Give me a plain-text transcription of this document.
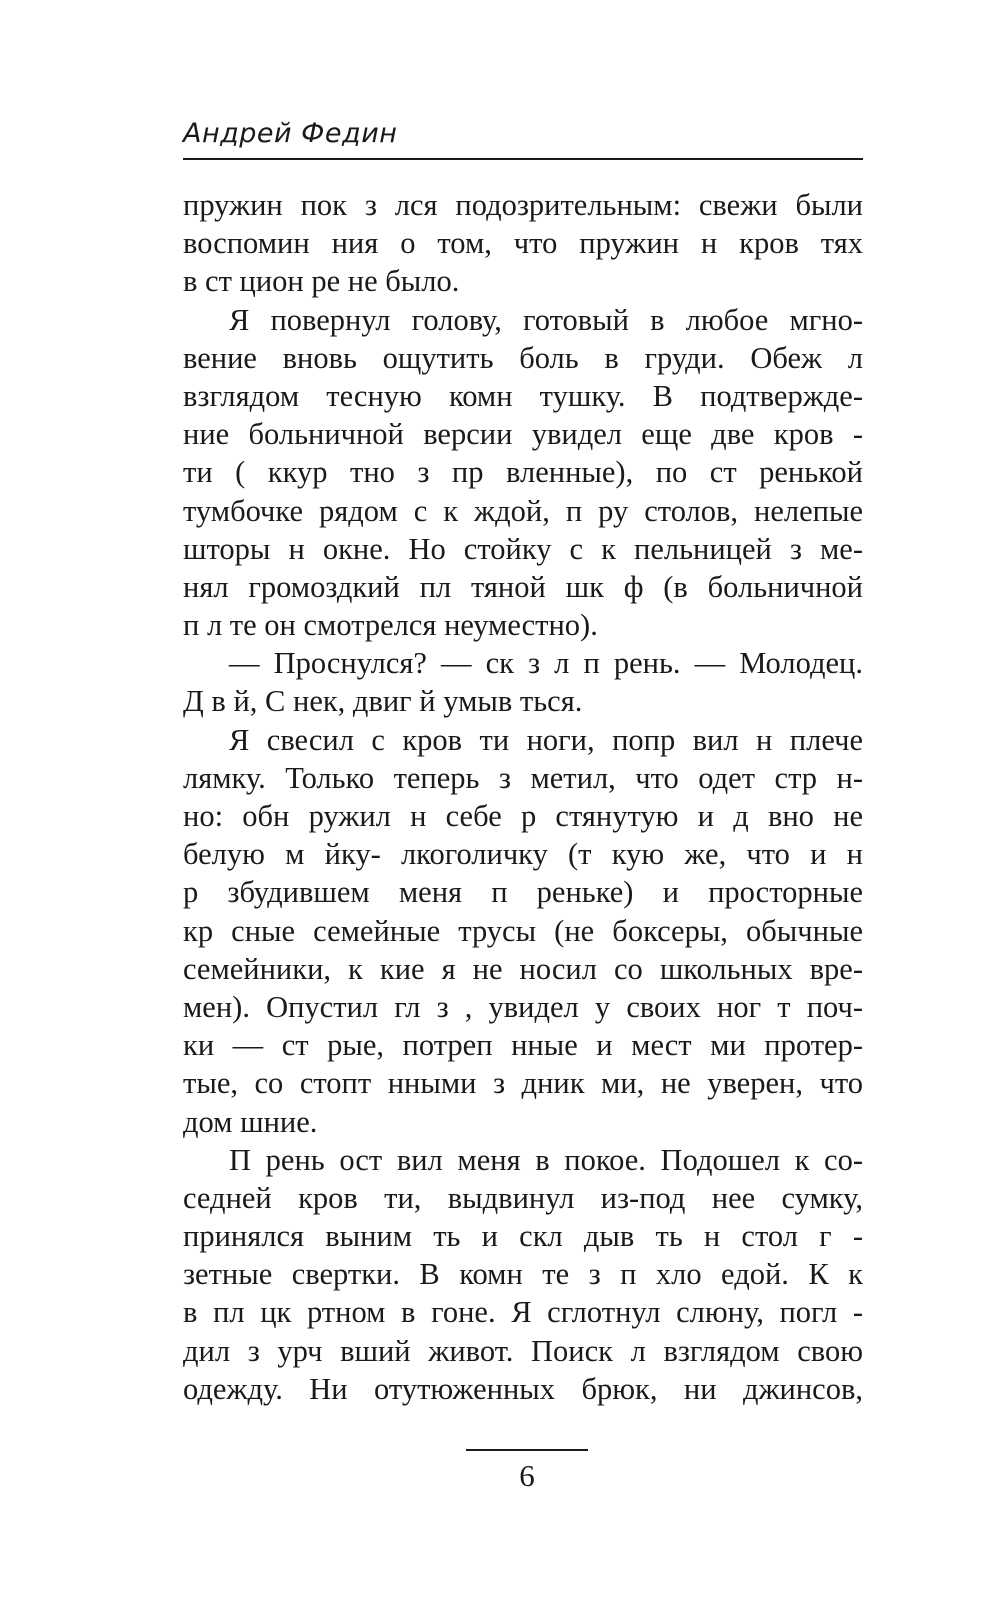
Андрей Федин
пружин пок з лся подозрительным: свежи были
воспомин ния о том, что пружин н кров тях
в ст цион ре не было.
Я повернул голову, готовый в любое мгно-
вение вновь ощутить боль в груди. Обеж л
взглядом тесную комн тушку. В подтвержде-
ние больничной версии увидел еще две кров -
ти ( ккур тно з пр вленные), по ст ренькой
тумбочке рядом с к ждой, п ру столов, нелепые
шторы н окне. Но стойку с к пельницей з ме-
нял громоздкий пл тяной шк ф (в больничной
п л те он смотрелся неуместно).
— Проснулся? — ск з л п рень. — Молодец.
Д в й, С нек, двиг й умыв ться.
Я свесил с кров ти ноги, попр вил н плече
лямку. Только теперь з метил, что одет стр н-
но: обн ружил н себе р стянутую и д вно не
белую м йку- лкоголичку (т кую же, что и н
р збудившем меня п реньке) и просторные
кр сные семейные трусы (не боксеры, обычные
семейники, к кие я не носил со школьных вре-
мен). Опустил гл з , увидел у своих ног т поч-
ки — ст рые, потреп нные и мест ми протер-
тые, со стопт нными з дник ми, не уверен, что
дом шние.
П рень ост вил меня в покое. Подошел к со-
седней кров ти, выдвинул из-под нее сумку,
принялся выним ть и скл дыв ть н стол г -
зетные свертки. В комн те з п хло едой. К к
в пл цк ртном в гоне. Я сглотнул слюну, погл -
дил з урч вший живот. Поиск л взглядом свою
одежду. Ни отутюженных брюк, ни джинсов,
6
